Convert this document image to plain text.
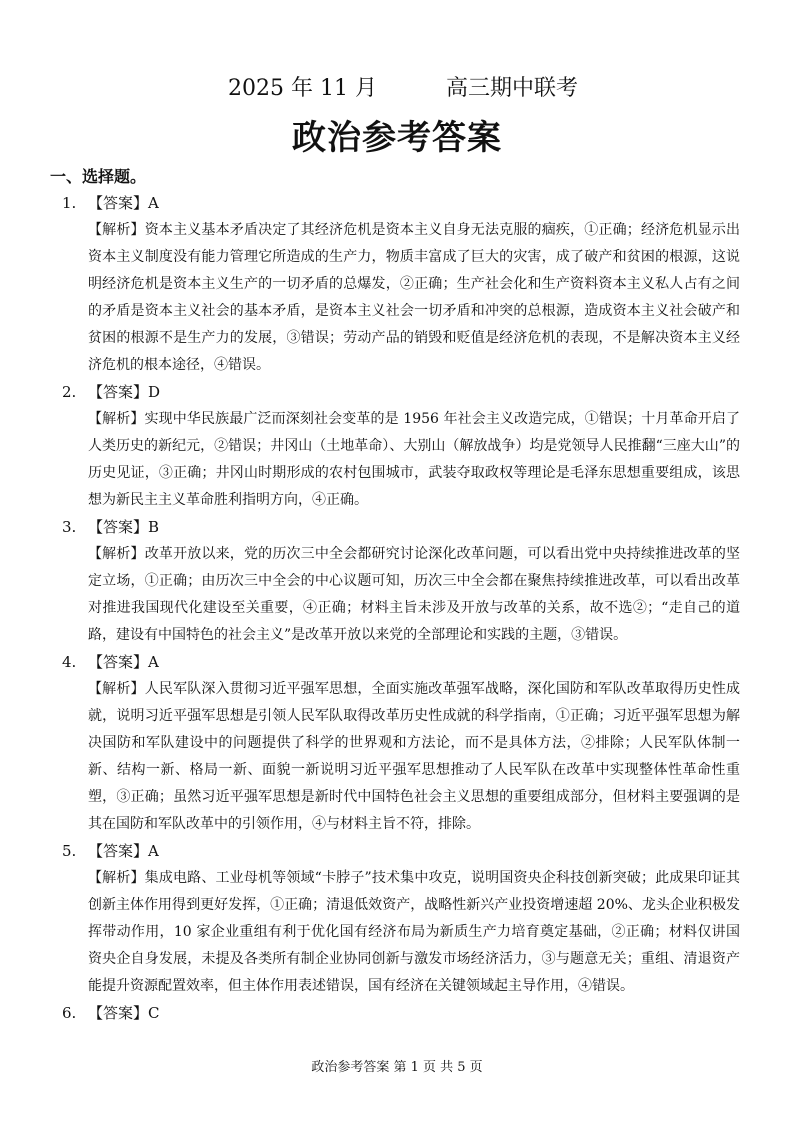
2025 年 11 月	高三期中联考
政治参考答案
一、选择题。
1. 【答案】A
【解析】资本主义基本矛盾决定了其经济危机是资本主义自身无法克服的痼疾，①正确；经济危机显示出资本主义制度没有能力管理它所造成的生产力，物质丰富成了巨大的灾害，成了破产和贫困的根源，这说明经济危机是资本主义生产的一切矛盾的总爆发，②正确；生产社会化和生产资料资本主义私人占有之间的矛盾是资本主义社会的基本矛盾，是资本主义社会一切矛盾和冲突的总根源，造成资本主义社会破产和贫困的根源不是生产力的发展，③错误；劳动产品的销毁和贬值是经济危机的表现，不是解决资本主义经济危机的根本途径，④错误。
2. 【答案】D
【解析】实现中华民族最广泛而深刻社会变革的是 1956 年社会主义改造完成，①错误；十月革命开启了人类历史的新纪元，②错误；井冈山（土地革命）、大别山（解放战争）均是党领导人民推翻“三座大山”的历史见证，③正确；井冈山时期形成的农村包围城市，武装夺取政权等理论是毛泽东思想重要组成，该思想为新民主主义革命胜利指明方向，④正确。
3. 【答案】B
【解析】改革开放以来，党的历次三中全会都研究讨论深化改革问题，可以看出党中央持续推进改革的坚定立场，①正确；由历次三中全会的中心议题可知，历次三中全会都在聚焦持续推进改革，可以看出改革对推进我国现代化建设至关重要，④正确；材料主旨未涉及开放与改革的关系，故不选②；“走自己的道路，建设有中国特色的社会主义”是改革开放以来党的全部理论和实践的主题，③错误。
4. 【答案】A
【解析】人民军队深入贯彻习近平强军思想，全面实施改革强军战略，深化国防和军队改革取得历史性成就，说明习近平强军思想是引领人民军队取得改革历史性成就的科学指南，①正确；习近平强军思想为解决国防和军队建设中的问题提供了科学的世界观和方法论，而不是具体方法，②排除；人民军队体制一新、结构一新、格局一新、面貌一新说明习近平强军思想推动了人民军队在改革中实现整体性革命性重塑，③正确；虽然习近平强军思想是新时代中国特色社会主义思想的重要组成部分，但材料主要强调的是其在国防和军队改革中的引领作用，④与材料主旨不符，排除。
5. 【答案】A
【解析】集成电路、工业母机等领域“卡脖子”技术集中攻克，说明国资央企科技创新突破；此成果印证其创新主体作用得到更好发挥，①正确；清退低效资产，战略性新兴产业投资增速超 20%、龙头企业积极发挥带动作用，10 家企业重组有利于优化国有经济布局为新质生产力培育奠定基础，②正确；材料仅讲国资央企自身发展，未提及各类所有制企业协同创新与激发市场经济活力，③与题意无关；重组、清退资产能提升资源配置效率，但主体作用表述错误，国有经济在关键领域起主导作用，④错误。
6. 【答案】C
政治参考答案 第 1 页 共 5 页
